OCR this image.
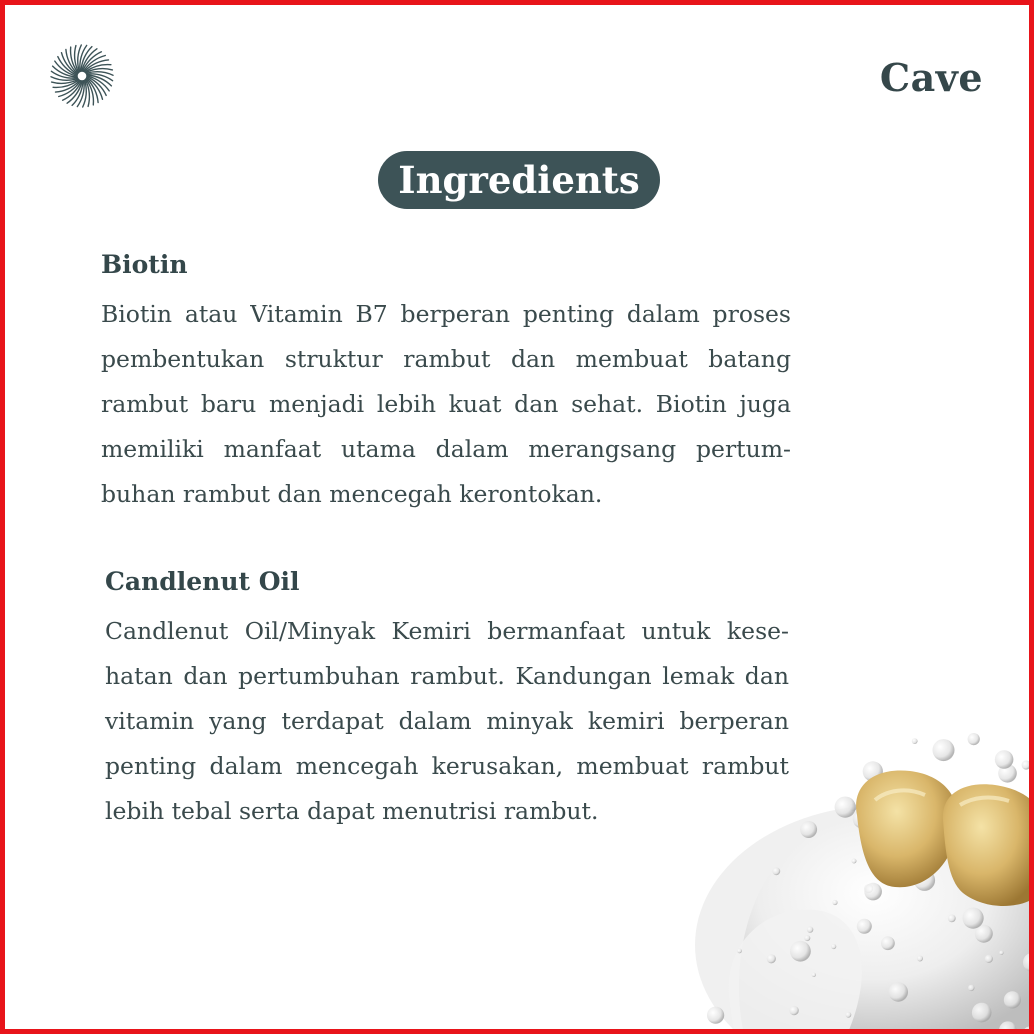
Cave
Ingredients
Biotin

Biotin atau Vitamin B7 berperan penting dalam proses pembentukan struktur rambut dan membuat batang rambut baru menjadi lebih kuat dan sehat. Biotin juga memiliki manfaat utama dalam merangsang pertumbuhan rambut dan mencegah kerontokan.

Candlenut Oil

Candlenut Oil/Minyak Kemiri bermanfaat untuk kesehatan dan pertumbuhan rambut. Kandungan lemak dan vitamin yang terdapat dalam minyak kemiri berperan penting dalam mencegah kerusakan, membuat rambut lebih tebal serta dapat menutrisi rambut.
